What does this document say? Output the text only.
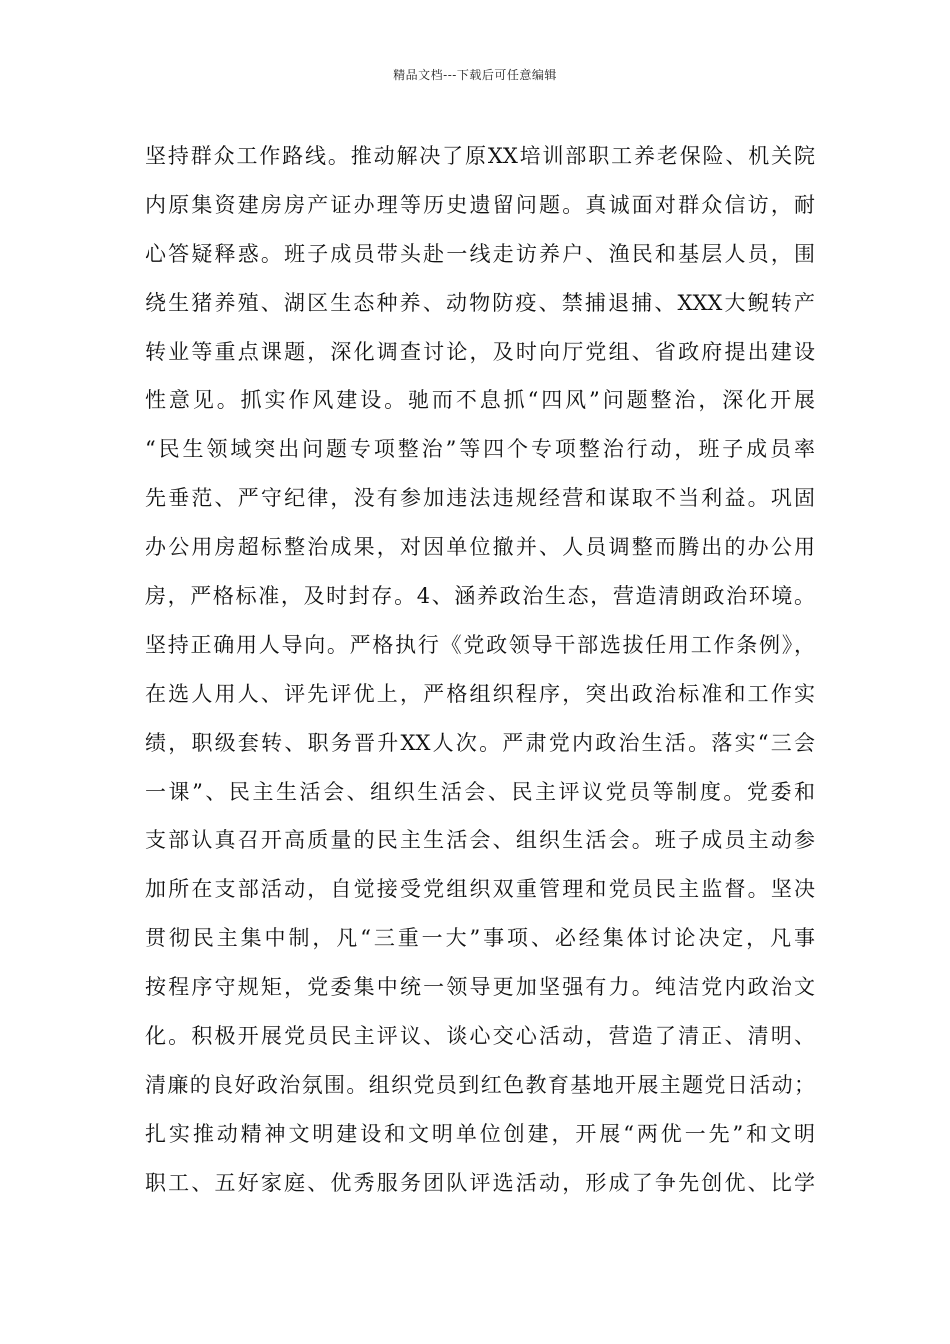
精品文档---下载后可任意编辑
坚持群众工作路线。推动解决了原XX培训部职工养老保险、机关院
内原集资建房房产证办理等历史遗留问题。真诚面对群众信访，耐
心答疑释惑。班子成员带头赴一线走访养户、渔民和基层人员，围
绕生猪养殖、湖区生态种养、动物防疫、禁捕退捕、XXX大鲵转产
转业等重点课题，深化调查讨论，及时向厅党组、省政府提出建设
性意见。抓实作风建设。驰而不息抓“四风”问题整治，深化开展
“民生领域突出问题专项整治”等四个专项整治行动，班子成员率
先垂范、严守纪律，没有参加违法违规经营和谋取不当利益。巩固
办公用房超标整治成果，对因单位撤并、人员调整而腾出的办公用
房，严格标准，及时封存。4、涵养政治生态，营造清朗政治环境。
坚持正确用人导向。严格执行《党政领导干部选拔任用工作条例》，
在选人用人、评先评优上，严格组织程序，突出政治标准和工作实
绩，职级套转、职务晋升XX人次。严肃党内政治生活。落实“三会
一课”、民主生活会、组织生活会、民主评议党员等制度。党委和
支部认真召开高质量的民主生活会、组织生活会。班子成员主动参
加所在支部活动，自觉接受党组织双重管理和党员民主监督。坚决
贯彻民主集中制，凡“三重一大”事项、必经集体讨论决定，凡事
按程序守规矩，党委集中统一领导更加坚强有力。纯洁党内政治文
化。积极开展党员民主评议、谈心交心活动，营造了清正、清明、
清廉的良好政治氛围。组织党员到红色教育基地开展主题党日活动；
扎实推动精神文明建设和文明单位创建，开展“两优一先”和文明
职工、五好家庭、优秀服务团队评选活动，形成了争先创优、比学
